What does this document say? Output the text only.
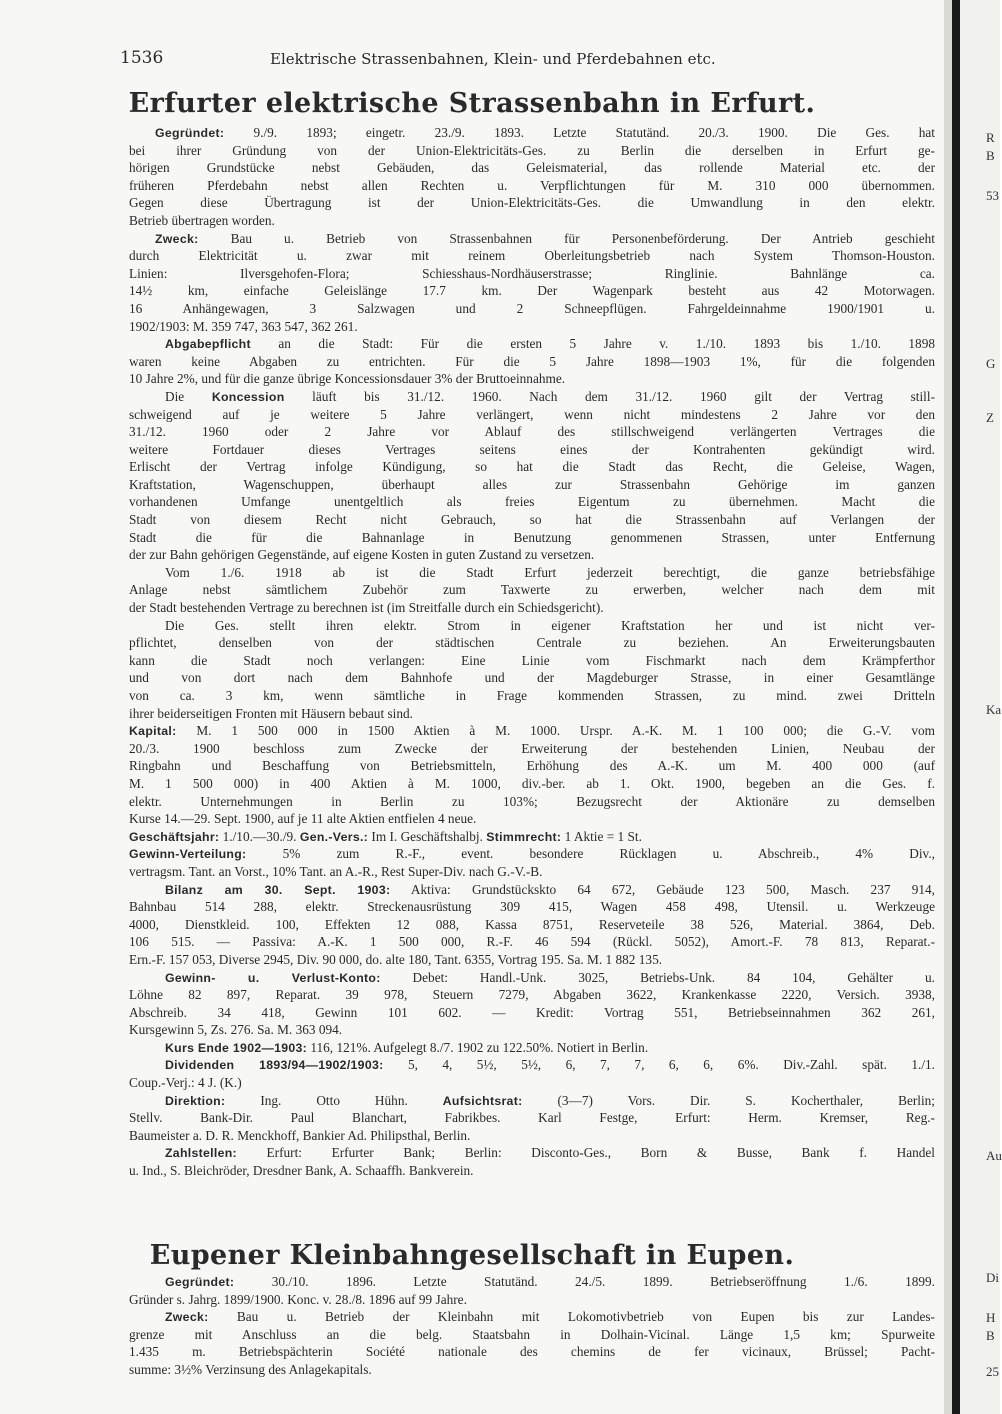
1536	Elektrische Strassenbahnen, Klein- und Pferdebahnen etc.
Erfurter elektrische Strassenbahn in Erfurt.
Gegründet: 9./9. 1893; eingetr. 23./9. 1893. Letzte Statutänd. 20./3. 1900. Die Ges. hat
bei ihrer Gründung von der Union-Elektricitäts-Ges. zu Berlin die derselben in Erfurt ge-
hörigen Grundstücke nebst Gebäuden, das Geleismaterial, das rollende Material etc. der
früheren Pferdebahn nebst allen Rechten u. Verpflichtungen für M. 310 000 übernommen.
Gegen diese Übertragung ist der Union-Elektricitäts-Ges. die Umwandlung in den elektr.
Betrieb übertragen worden.
Zweck: Bau u. Betrieb von Strassenbahnen für Personenbeförderung. Der Antrieb geschieht
durch Elektricität u. zwar mit reinem Oberleitungsbetrieb nach System Thomson-Houston.
Linien: Ilversgehofen-Flora; Schiesshaus-Nordhäuserstrasse; Ringlinie. Bahnlänge ca.
14½ km, einfache Geleislänge 17.7 km. Der Wagenpark besteht aus 42 Motorwagen.
16 Anhängewagen, 3 Salzwagen und 2 Schneepflügen. Fahrgeldeinnahme 1900/1901 u.
1902/1903: M. 359 747, 363 547, 362 261.
Abgabepflicht an die Stadt: Für die ersten 5 Jahre v. 1./10. 1893 bis 1./10. 1898
waren keine Abgaben zu entrichten. Für die 5 Jahre 1898—1903 1%, für die folgenden
10 Jahre 2%, und für die ganze übrige Koncessionsdauer 3% der Bruttoeinnahme.
Die Koncession läuft bis 31./12. 1960. Nach dem 31./12. 1960 gilt der Vertrag still-
schweigend auf je weitere 5 Jahre verlängert, wenn nicht mindestens 2 Jahre vor den
31./12. 1960 oder 2 Jahre vor Ablauf des stillschweigend verlängerten Vertrages die
weitere Fortdauer dieses Vertrages seitens eines der Kontrahenten gekündigt wird.
Erlischt der Vertrag infolge Kündigung, so hat die Stadt das Recht, die Geleise, Wagen,
Kraftstation, Wagenschuppen, überhaupt alles zur Strassenbahn Gehörige im ganzen
vorhandenen Umfange unentgeltlich als freies Eigentum zu übernehmen. Macht die
Stadt von diesem Recht nicht Gebrauch, so hat die Strassenbahn auf Verlangen der
Stadt die für die Bahnanlage in Benutzung genommenen Strassen, unter Entfernung
der zur Bahn gehörigen Gegenstände, auf eigene Kosten in guten Zustand zu versetzen.
Vom 1./6. 1918 ab ist die Stadt Erfurt jederzeit berechtigt, die ganze betriebsfähige
Anlage nebst sämtlichem Zubehör zum Taxwerte zu erwerben, welcher nach dem mit
der Stadt bestehenden Vertrage zu berechnen ist (im Streitfalle durch ein Schiedsgericht).
Die Ges. stellt ihren elektr. Strom in eigener Kraftstation her und ist nicht ver-
pflichtet, denselben von der städtischen Centrale zu beziehen. An Erweiterungsbauten
kann die Stadt noch verlangen: Eine Linie vom Fischmarkt nach dem Krämpferthor
und von dort nach dem Bahnhofe und der Magdeburger Strasse, in einer Gesamtlänge
von ca. 3 km, wenn sämtliche in Frage kommenden Strassen, zu mind. zwei Dritteln
ihrer beiderseitigen Fronten mit Häusern bebaut sind.
Kapital: M. 1 500 000 in 1500 Aktien à M. 1000. Urspr. A.-K. M. 1 100 000; die G.-V. vom
20./3. 1900 beschloss zum Zwecke der Erweiterung der bestehenden Linien, Neubau der
Ringbahn und Beschaffung von Betriebsmitteln, Erhöhung des A.-K. um M. 400 000 (auf
M. 1 500 000) in 400 Aktien à M. 1000, div.-ber. ab 1. Okt. 1900, begeben an die Ges. f.
elektr. Unternehmungen in Berlin zu 103%; Bezugsrecht der Aktionäre zu demselben
Kurse 14.—29. Sept. 1900, auf je 11 alte Aktien entfielen 4 neue.
Geschäftsjahr: 1./10.—30./9. Gen.-Vers.: Im I. Geschäftshalbj. Stimmrecht: 1 Aktie = 1 St.
Gewinn-Verteilung: 5% zum R.-F., event. besondere Rücklagen u. Abschreib., 4% Div.,
vertragsm. Tant. an Vorst., 10% Tant. an A.-R., Rest Super-Div. nach G.-V.-B.
Bilanz am 30. Sept. 1903: Aktiva: Grundstücksktо 64 672, Gebäude 123 500, Masch. 237 914,
Bahnbau 514 288, elektr. Streckenausrüstung 309 415, Wagen 458 498, Utensil. u. Werkzeuge
4000, Dienstkleid. 100, Effekten 12 088, Kassa 8751, Reserveteile 38 526, Material. 3864, Deb.
106 515. — Passiva: A.-K. 1 500 000, R.-F. 46 594 (Rückl. 5052), Amort.-F. 78 813, Reparat.-
Ern.-F. 157 053, Diverse 2945, Div. 90 000, do. alte 180, Tant. 6355, Vortrag 195. Sa. M. 1 882 135.
Gewinn- u. Verlust-Konto: Debet: Handl.-Unk. 3025, Betriebs-Unk. 84 104, Gehälter u.
Löhne 82 897, Reparat. 39 978, Steuern 7279, Abgaben 3622, Krankenkasse 2220, Versich. 3938,
Abschreib. 34 418, Gewinn 101 602. — Kredit: Vortrag 551, Betriebseinnahmen 362 261,
Kursgewinn 5, Zs. 276. Sa. M. 363 094.
Kurs Ende 1902—1903: 116, 121%. Aufgelegt 8./7. 1902 zu 122.50%. Notiert in Berlin.
Dividenden 1893/94—1902/1903: 5, 4, 5½, 5½, 6, 7, 7, 6, 6, 6%. Div.-Zahl. spät. 1./1.
Coup.-Verj.: 4 J. (K.)
Direktion: Ing. Otto Hühn. Aufsichtsrat: (3—7) Vors. Dir. S. Kocherthaler, Berlin;
Stellv. Bank-Dir. Paul Blanchart, Fabrikbes. Karl Festge, Erfurt: Herm. Kremser, Reg.-
Baumeister a. D. R. Menckhoff, Bankier Ad. Philipsthal, Berlin.
Zahlstellen: Erfurt: Erfurter Bank; Berlin: Disconto-Ges., Born & Busse, Bank f. Handel
u. Ind., S. Bleichröder, Dresdner Bank, A. Schaaffh. Bankverein.
Eupener Kleinbahngesellschaft in Eupen.
Gegründet: 30./10. 1896. Letzte Statutänd. 24./5. 1899. Betriebseröffnung 1./6. 1899.
Gründer s. Jahrg. 1899/1900. Konc. v. 28./8. 1896 auf 99 Jahre.
Zweck: Bau u. Betrieb der Kleinbahn mit Lokomotivbetrieb von Eupen bis zur Landes-
grenze mit Anschluss an die belg. Staatsbahn in Dolhain-Vicinal. Länge 1,5 km; Spurweite
1.435 m. Betriebspächterin Société nationale des chemins de fer vicinaux, Brüssel; Pacht-
summe: 3½% Verzinsung des Anlagekapitals.
R
B
53
G
Z
Ka
Au
Di
H
B
25
